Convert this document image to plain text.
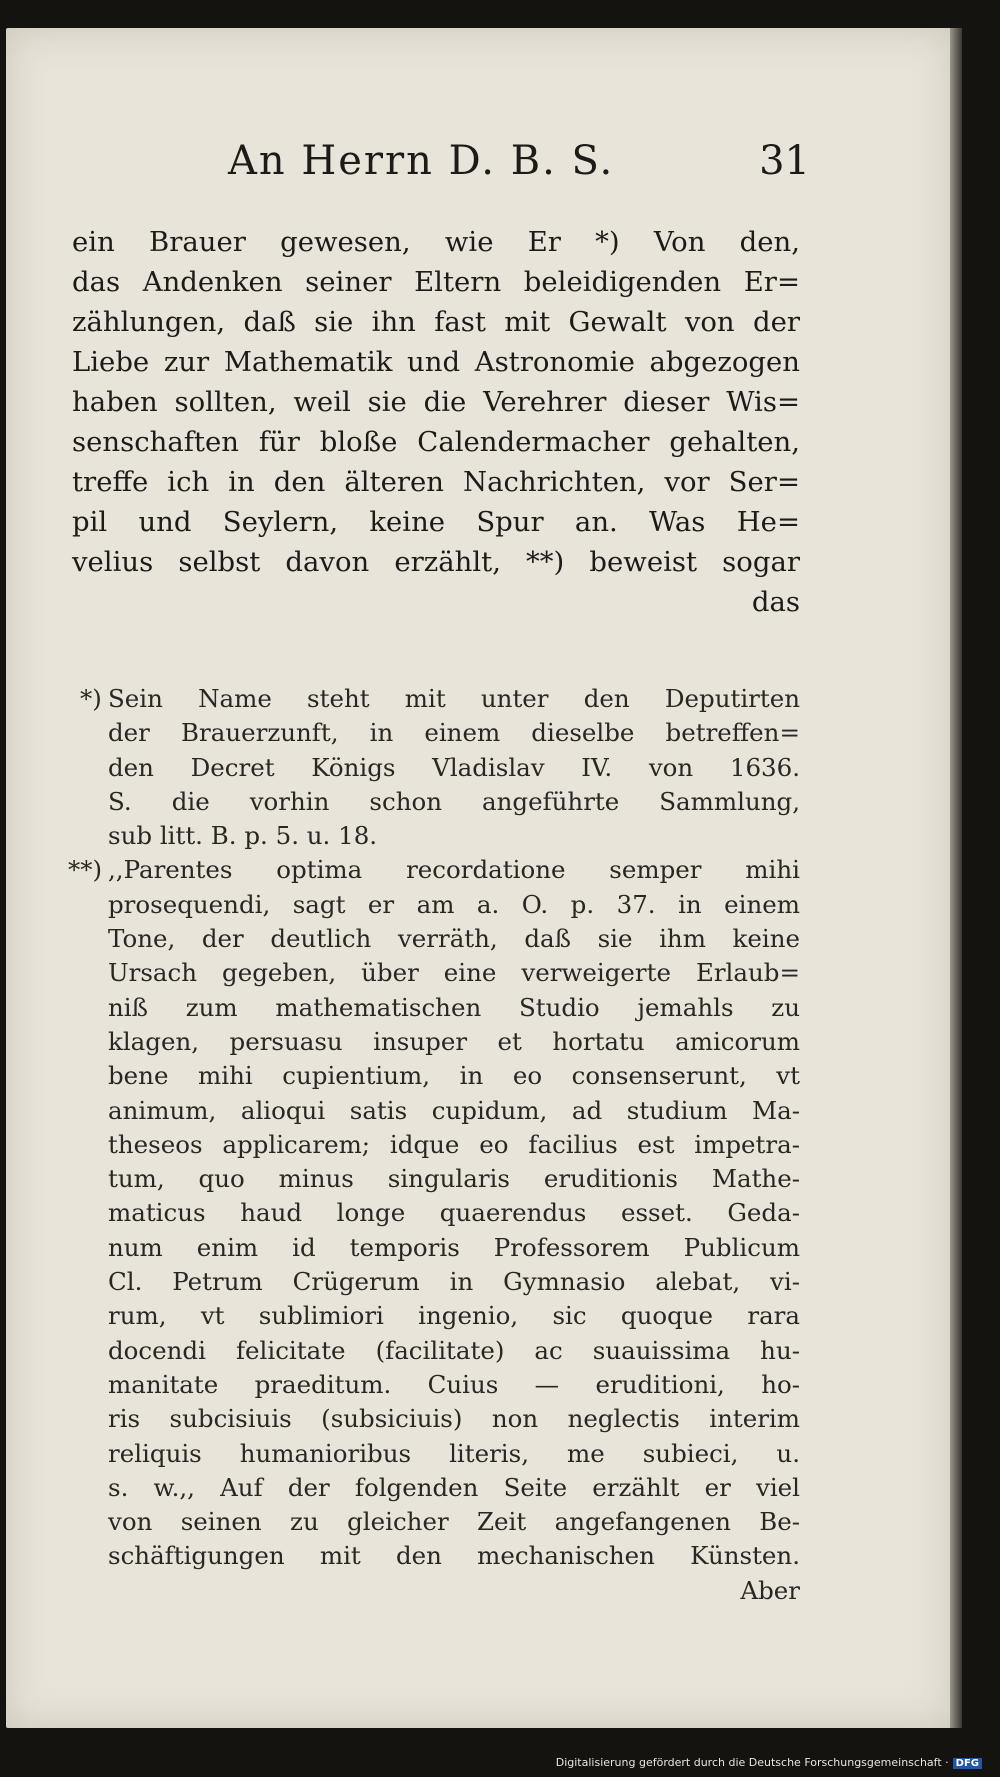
An Herrn D. B. S.	31
ein Brauer gewesen, wie Er *) Von den,
das Andenken seiner Eltern beleidigenden Er=
zählungen, daß sie ihn fast mit Gewalt von der
Liebe zur Mathematik und Astronomie abgezogen
haben sollten, weil sie die Verehrer dieser Wis=
senschaften für bloße Calendermacher gehalten,
treffe ich in den älteren Nachrichten, vor Ser=
pil und Seylern, keine Spur an. Was He=
velius selbst davon erzählt, **) beweist sogar
das
*) Sein Name steht mit unter den Deputirten
der Brauerzunft, in einem dieselbe betreffen=
den Decret Königs Vladislav IV. von 1636.
S. die vorhin schon angeführte Sammlung,
sub litt. B. p. 5. u. 18.
**) ,,Parentes optima recordatione semper mihi
prosequendi, sagt er am a. O. p. 37. in einem
Tone, der deutlich verräth, daß sie ihm keine
Ursach gegeben, über eine verweigerte Erlaub=
niß zum mathematischen Studio jemahls zu
klagen, persuasu insuper et hortatu amicorum
bene mihi cupientium, in eo consenserunt, vt
animum, alioqui satis cupidum, ad studium Ma-
theseos applicarem; idque eo facilius est impetra-
tum, quo minus singularis eruditionis Mathe-
maticus haud longe quaerendus esset. Geda-
num enim id temporis Professorem Publicum
Cl. Petrum Crügerum in Gymnasio alebat, vi-
rum, vt sublimiori ingenio, sic quoque rara
docendi felicitate (facilitate) ac suauissima hu-
manitate praeditum. Cuius — eruditioni, ho-
ris subcisiuis (subsiciuis) non neglectis interim
reliquis humanioribus literis, me subieci, u.
s. w.,, Auf der folgenden Seite erzählt er viel
von seinen zu gleicher Zeit angefangenen Be-
schäftigungen mit den mechanischen Künsten.
Aber
Digitalisierung gefördert durch die Deutsche Forschungsgemeinschaft · DFG
